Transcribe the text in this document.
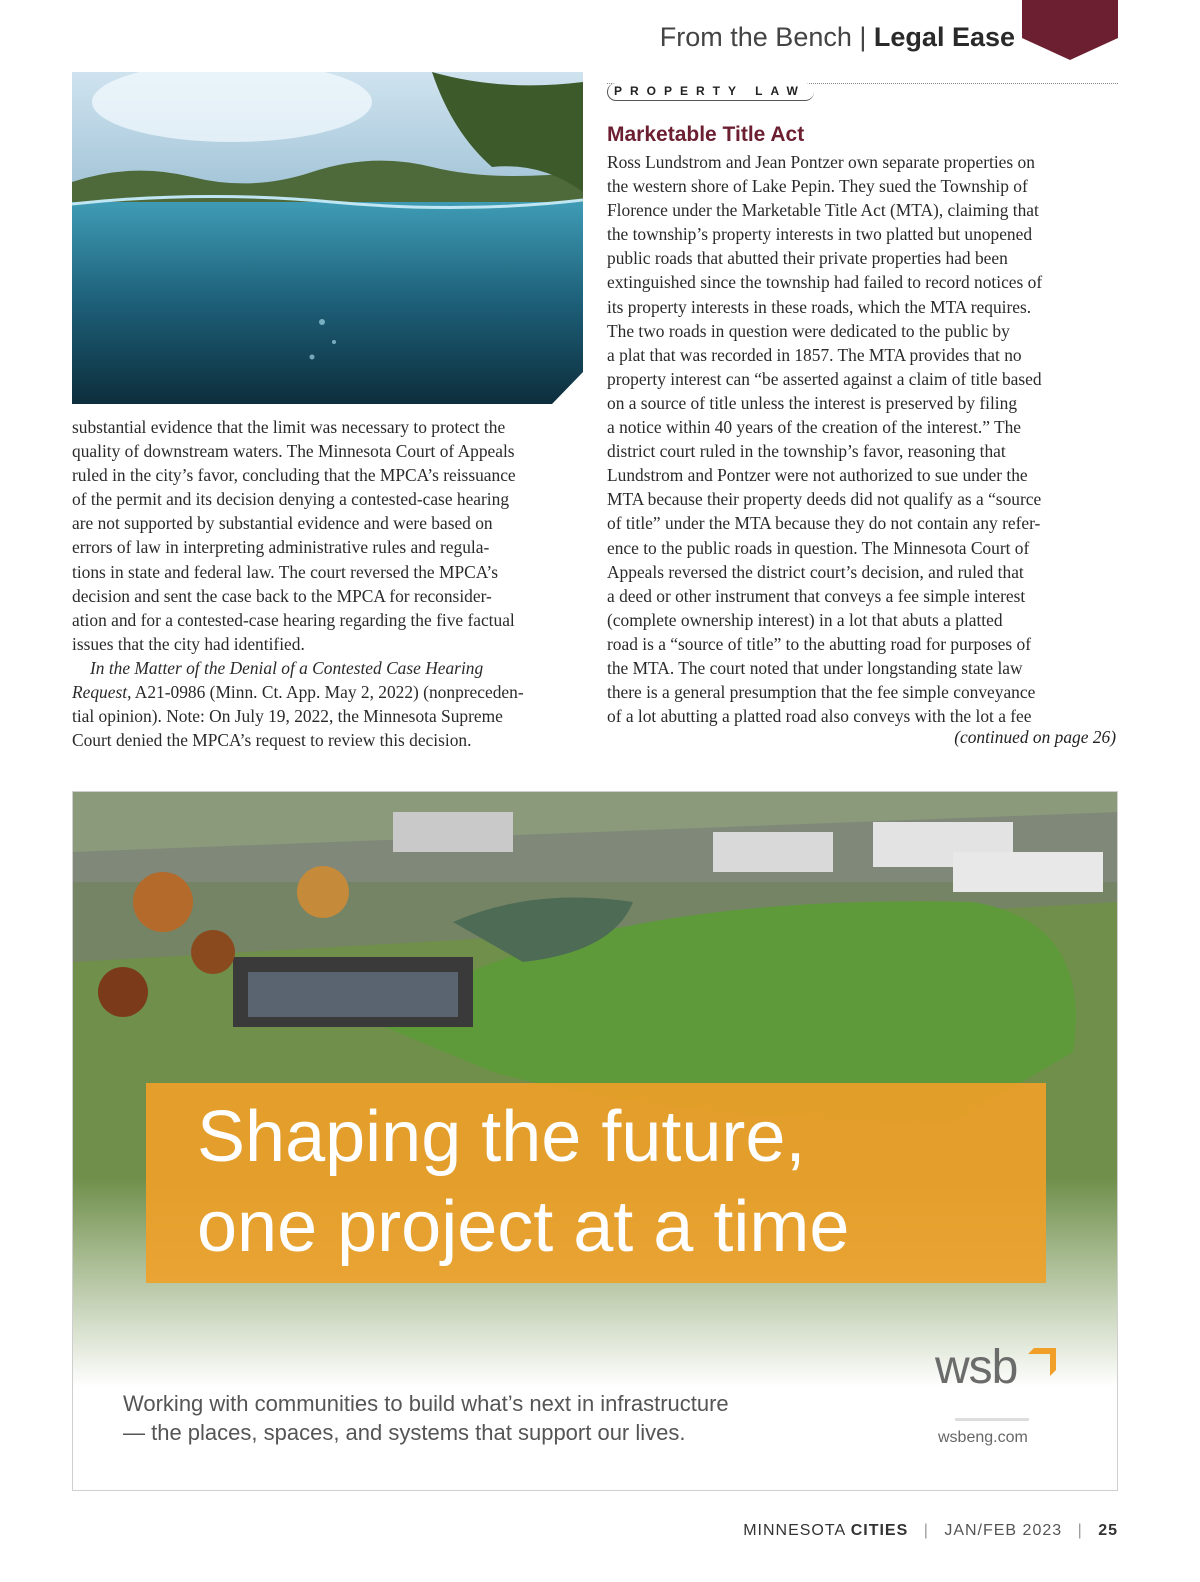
From the Bench | Legal Ease
PROPERTY LAW
Marketable Title Act

substantial evidence that the limit was necessary to protect the

quality of downstream waters. The Minnesota Court of Appeals

ruled in the city’s favor, concluding that the MPCA’s reissuance

of the permit and its decision denying a contested-case hearing

are not supported by substantial evidence and were based on

errors of law in interpreting administrative rules and regula-

tions in state and federal law. The court reversed the MPCA’s

decision and sent the case back to the MPCA for reconsider-

ation and for a contested-case hearing regarding the five factual

issues that the city had identified.

In the Matter of the Denial of a Contested Case Hearing

Request, A21-0986 (Minn. Ct. App. May 2, 2022) (nonpreceden-

tial opinion). Note: On July 19, 2022, the Minnesota Supreme

Court denied the MPCA’s request to review this decision.

Ross Lundstrom and Jean Pontzer own separate properties on

the western shore of Lake Pepin. They sued the Township of

Florence under the Marketable Title Act (MTA), claiming that

the township’s property interests in two platted but unopened

public roads that abutted their private properties had been

extinguished since the township had failed to record notices of

its property interests in these roads, which the MTA requires.

The two roads in question were dedicated to the public by

a plat that was recorded in 1857. The MTA provides that no

property interest can “be asserted against a claim of title based

on a source of title unless the interest is preserved by filing

a notice within 40 years of the creation of the interest.” The

district court ruled in the township’s favor, reasoning that

Lundstrom and Pontzer were not authorized to sue under the

MTA because their property deeds did not qualify as a “source

of title” under the MTA because they do not contain any refer-

ence to the public roads in question. The Minnesota Court of

Appeals reversed the district court’s decision, and ruled that

a deed or other instrument that conveys a fee simple interest

(complete ownership interest) in a lot that abuts a platted

road is a “source of title” to the abutting road for purposes of

the MTA. The court noted that under longstanding state law

there is a general presumption that the fee simple conveyance

of a lot abutting a platted road also conveys with the lot a fee

(continued on page 26)
Shaping the future,
one project at a time
Working with communities to build what’s next in infrastructure
— the places, spaces, and systems that support our lives.
wsb
wsbeng.com
MINNESOTA CITIES | JAN/FEB 2023 | 25
